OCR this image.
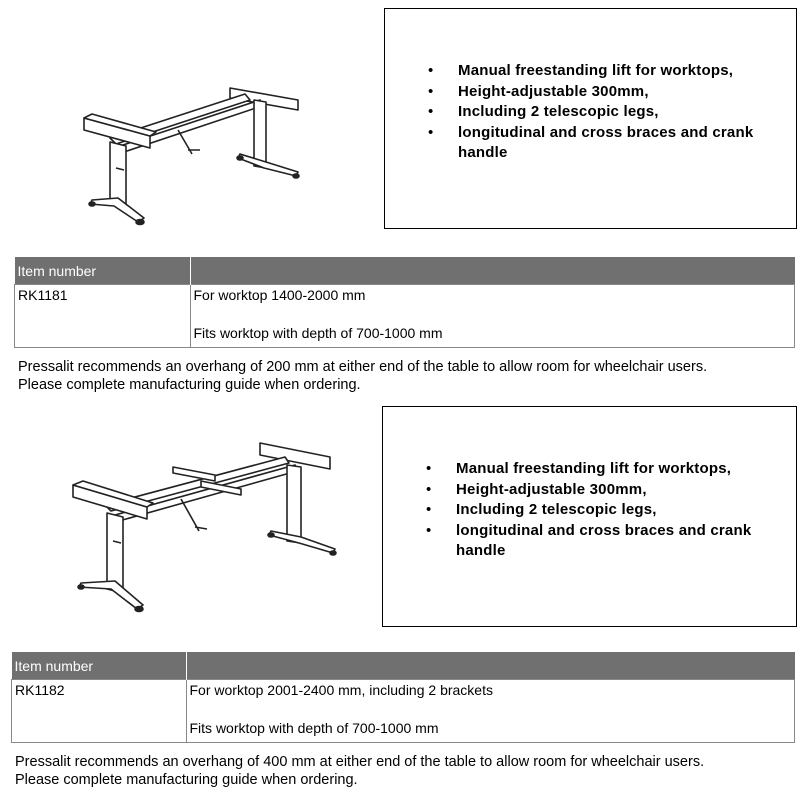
• Manual freestanding lift for worktops,
• Height-adjustable 300mm,
• Including 2 telescopic legs,
• longitudinal and cross braces and crank handle
Item number	
RK1181	For worktop 1400-2000 mm
Fits worktop with depth of 700-1000 mm
Pressalit recommends an overhang of 200 mm at either end of the table to allow room for wheelchair users.
Please complete manufacturing guide when ordering.
• Manual freestanding lift for worktops,
• Height-adjustable 300mm,
• Including 2 telescopic legs,
• longitudinal and cross braces and crank handle
Item number	
RK1182	For worktop 2001-2400 mm, including 2 brackets
Fits worktop with depth of 700-1000 mm
Pressalit recommends an overhang of 400 mm at either end of the table to allow room for wheelchair users.
Please complete manufacturing guide when ordering.
